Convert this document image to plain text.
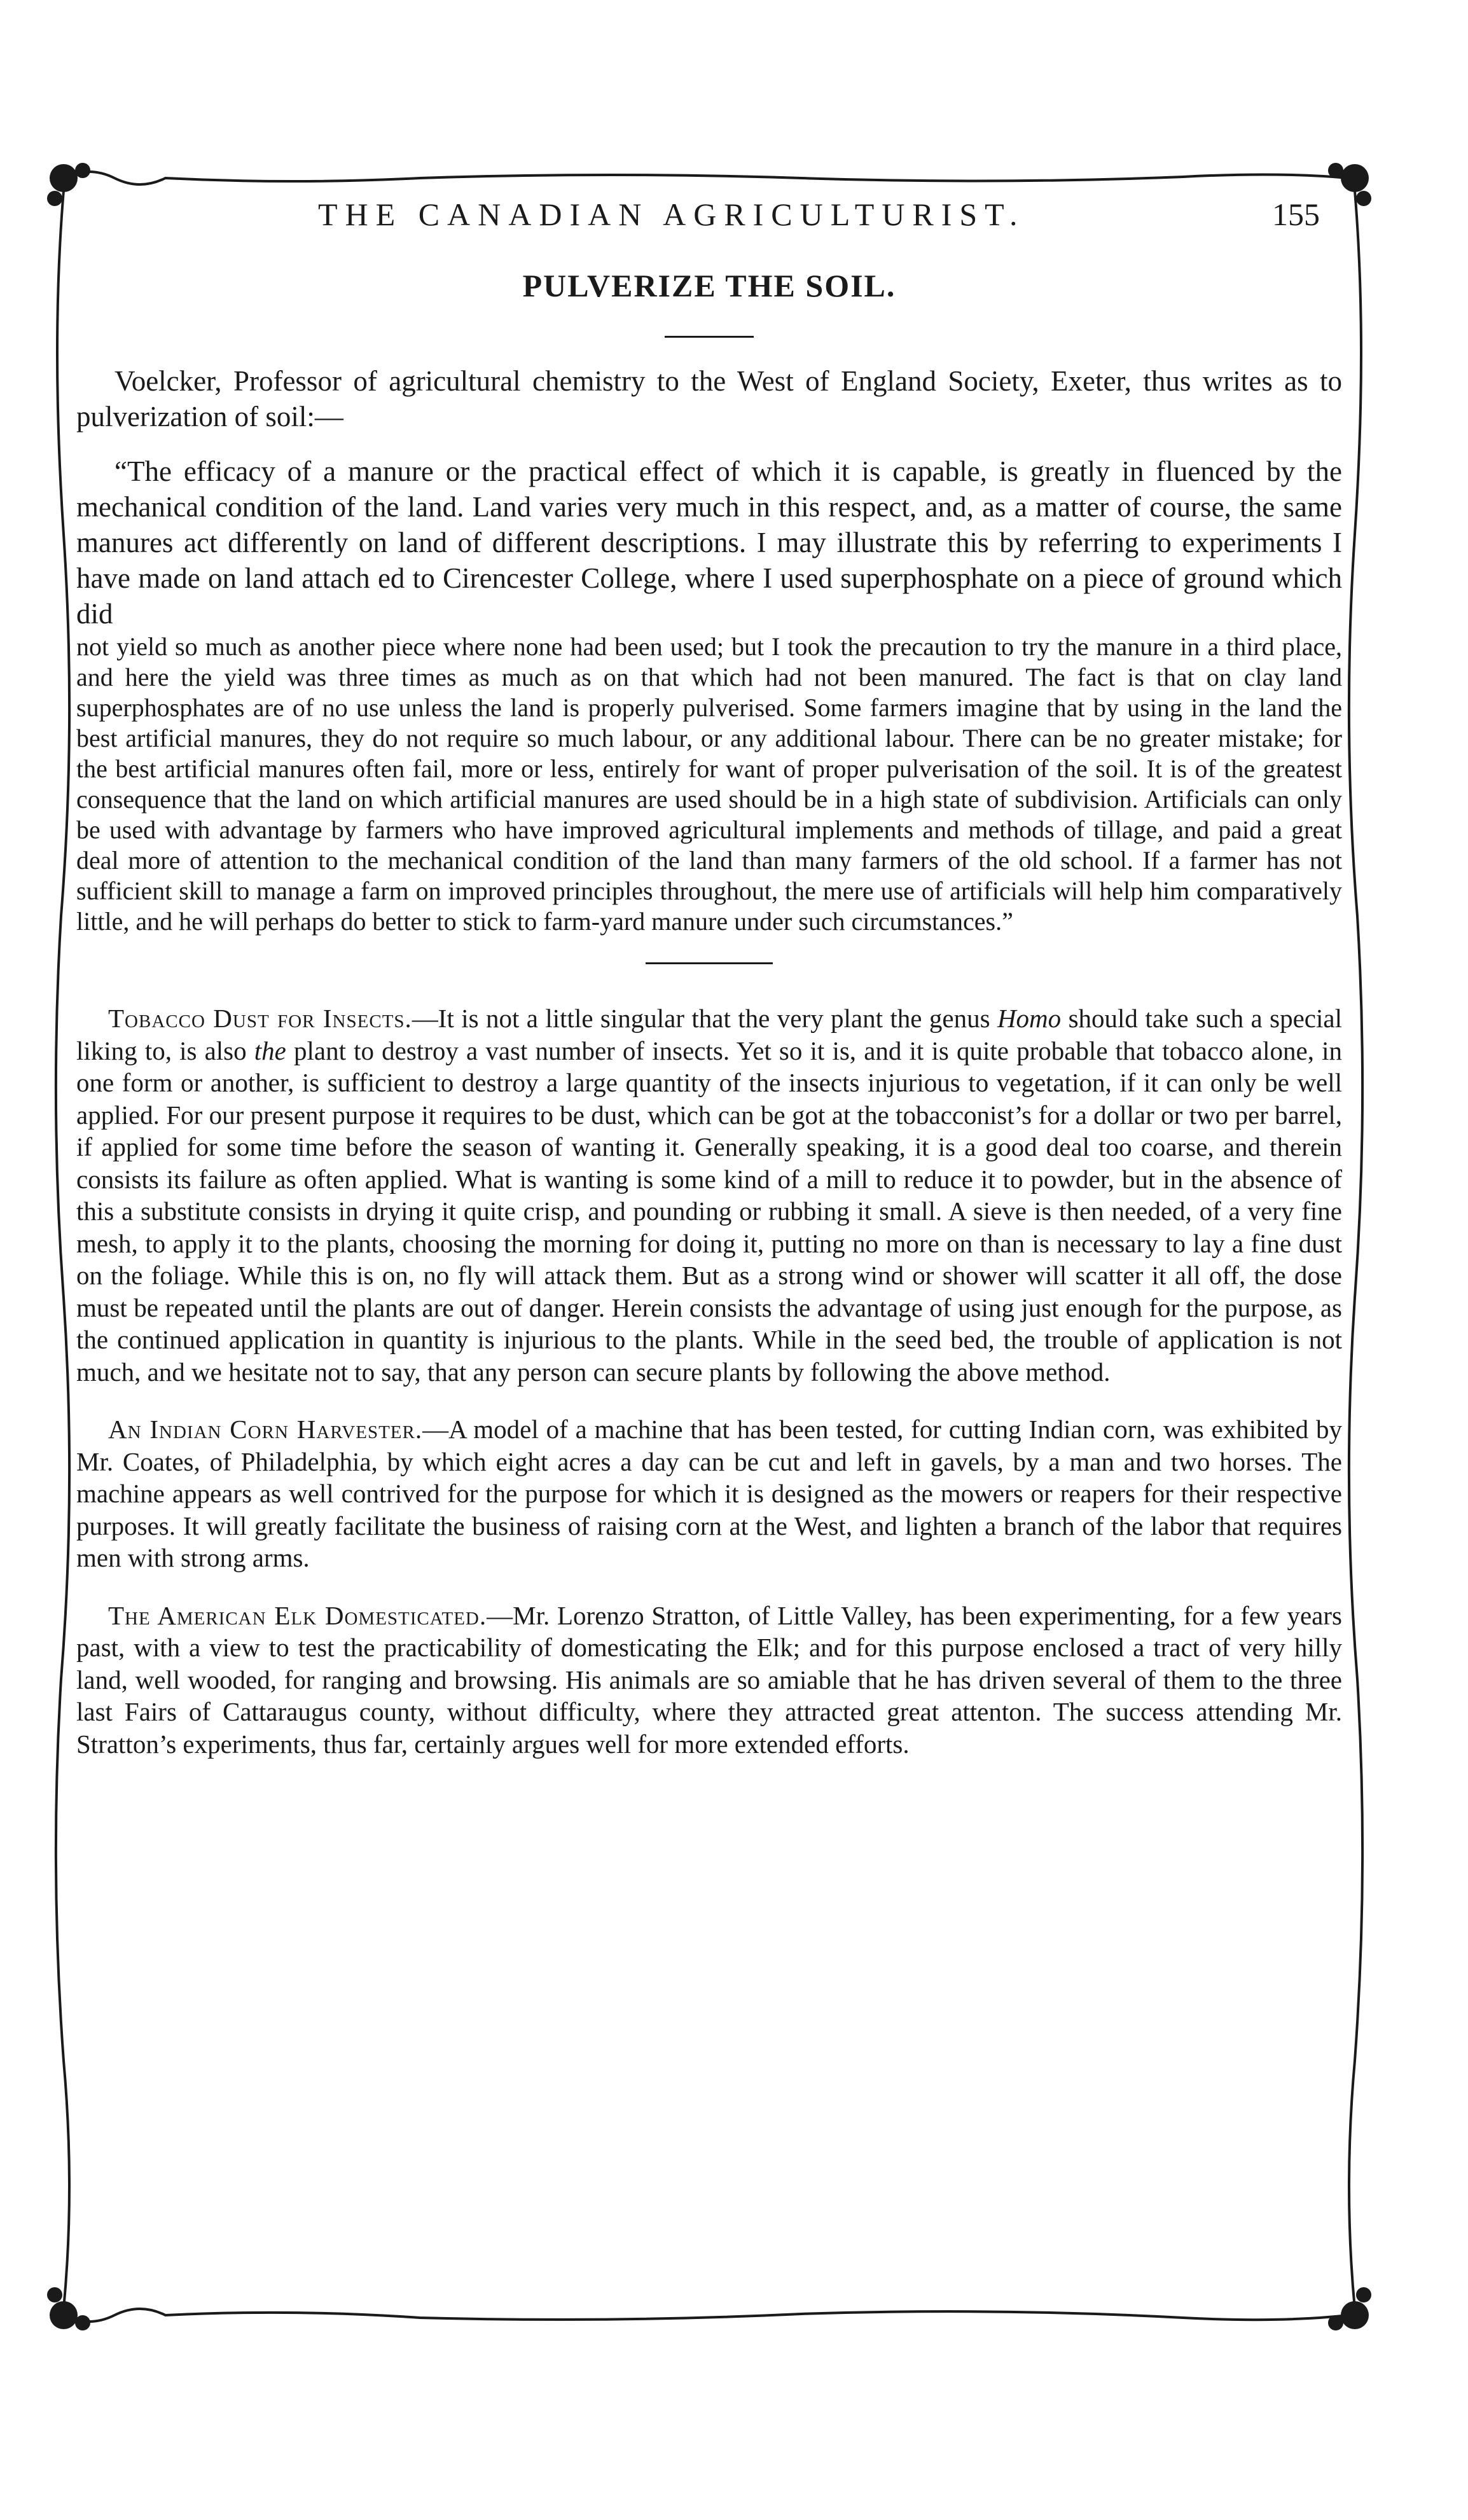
THE CANADIAN AGRICULTURIST.	155
PULVERIZE THE SOIL.

Voelcker, Professor of agricultural chemistry to the West of England Society, Exeter, thus writes as to pulverization of soil:—

“The efficacy of a manure or the practical effect of which it is capable, is greatly in fluenced by the mechanical condition of the land. Land varies very much in this respect, and, as a matter of course, the same manures act differently on land of different descriptions. I may illustrate this by referring to experiments I have made on land attach ed to Cirencester College, where I used superphosphate on a piece of ground which did

not yield so much as another piece where none had been used; but I took the precaution to try the manure in a third place, and here the yield was three times as much as on that which had not been manured. The fact is that on clay land superphosphates are of no use unless the land is properly pulverised. Some farmers imagine that by using in the land the best artificial manures, they do not require so much labour, or any additional labour. There can be no greater mistake; for the best artificial manures often fail, more or less, entirely for want of proper pulverisation of the soil. It is of the greatest consequence that the land on which artificial manures are used should be in a high state of subdivision. Artificials can only be used with advantage by farmers who have improved agricultural implements and methods of tillage, and paid a great deal more of attention to the mechanical condition of the land than many farmers of the old school. If a farmer has not sufficient skill to manage a farm on improved principles throughout, the mere use of artificials will help him comparatively little, and he will perhaps do better to stick to farm-yard manure under such circumstances.”

Tobacco Dust for Insects.—It is not a little singular that the very plant the genus Homo should take such a special liking to, is also the plant to destroy a vast number of insects. Yet so it is, and it is quite probable that tobacco alone, in one form or another, is sufficient to destroy a large quantity of the insects injurious to vegetation, if it can only be well applied. For our present purpose it requires to be dust, which can be got at the tobacconist’s for a dollar or two per barrel, if applied for some time before the season of wanting it. Generally speaking, it is a good deal too coarse, and therein consists its failure as often applied. What is wanting is some kind of a mill to reduce it to powder, but in the absence of this a substitute consists in drying it quite crisp, and pounding or rubbing it small. A sieve is then needed, of a very fine mesh, to apply it to the plants, choosing the morning for doing it, putting no more on than is necessary to lay a fine dust on the foliage. While this is on, no fly will attack them. But as a strong wind or shower will scatter it all off, the dose must be repeated until the plants are out of danger. Herein consists the advantage of using just enough for the purpose, as the continued application in quantity is injurious to the plants. While in the seed bed, the trouble of application is not much, and we hesitate not to say, that any person can secure plants by following the above method.

An Indian Corn Harvester.—A model of a machine that has been tested, for cutting Indian corn, was exhibited by Mr. Coates, of Philadelphia, by which eight acres a day can be cut and left in gavels, by a man and two horses. The machine appears as well contrived for the purpose for which it is designed as the mowers or reapers for their respective purposes. It will greatly facilitate the business of raising corn at the West, and lighten a branch of the labor that requires men with strong arms.

The American Elk Domesticated.—Mr. Lorenzo Stratton, of Little Valley, has been experimenting, for a few years past, with a view to test the practicability of domesticating the Elk; and for this purpose enclosed a tract of very hilly land, well wooded, for ranging and browsing. His animals are so amiable that he has driven several of them to the three last Fairs of Cattaraugus county, without difficulty, where they attracted great attenton. The success attending Mr. Stratton’s experiments, thus far, certainly argues well for more extended efforts.
